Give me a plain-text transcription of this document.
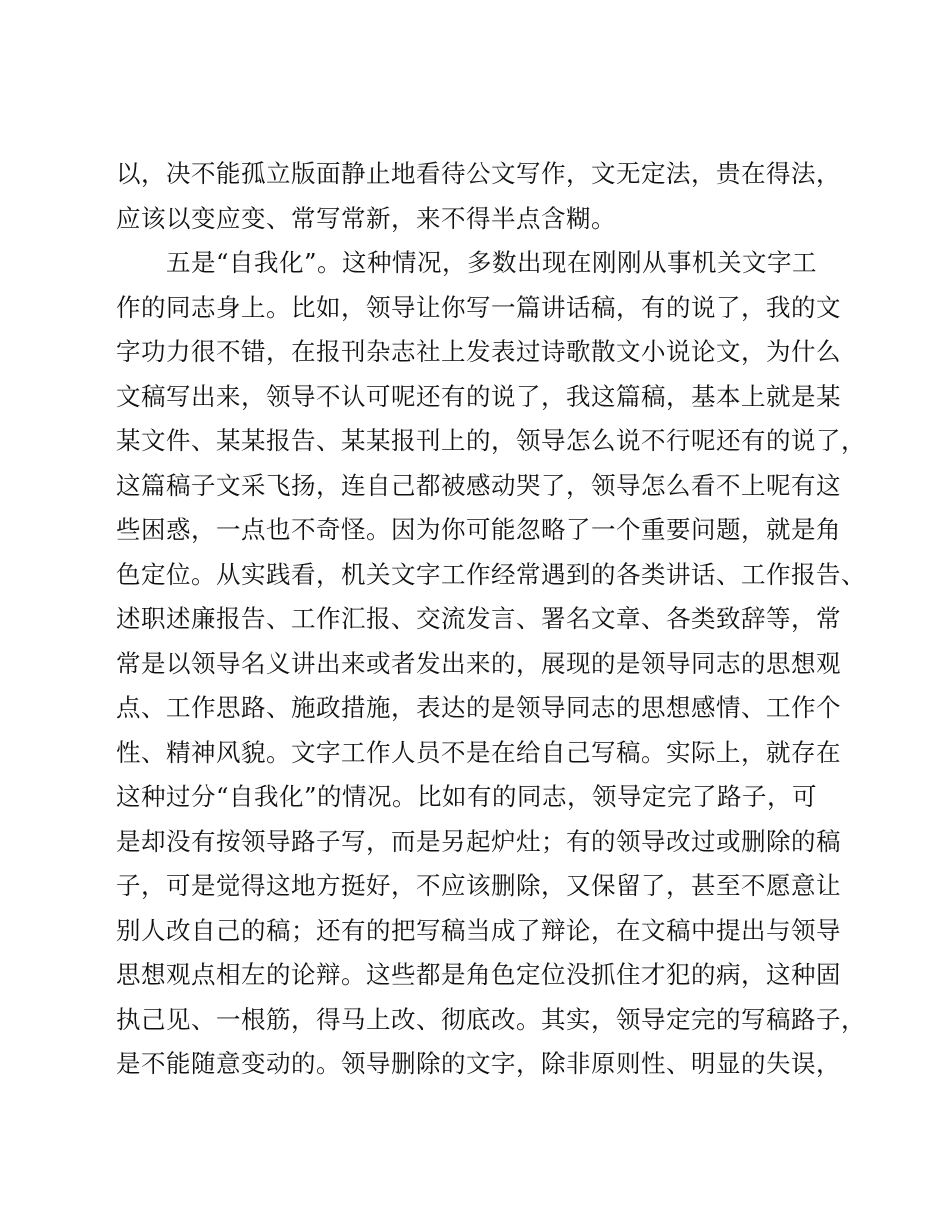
以，决不能孤立版面静止地看待公文写作，文无定法，贵在得法，
应该以变应变、常写常新，来不得半点含糊。
　　五是“自我化”。这种情况，多数出现在刚刚从事机关文字工
作的同志身上。比如，领导让你写一篇讲话稿，有的说了，我的文
字功力很不错，在报刊杂志社上发表过诗歌散文小说论文，为什么
文稿写出来，领导不认可呢还有的说了，我这篇稿，基本上就是某
某文件、某某报告、某某报刊上的，领导怎么说不行呢还有的说了，
这篇稿子文采飞扬，连自己都被感动哭了，领导怎么看不上呢有这
些困惑，一点也不奇怪。因为你可能忽略了一个重要问题，就是角
色定位。从实践看，机关文字工作经常遇到的各类讲话、工作报告、
述职述廉报告、工作汇报、交流发言、署名文章、各类致辞等，常
常是以领导名义讲出来或者发出来的，展现的是领导同志的思想观
点、工作思路、施政措施，表达的是领导同志的思想感情、工作个
性、精神风貌。文字工作人员不是在给自己写稿。实际上，就存在
这种过分“自我化”的情况。比如有的同志，领导定完了路子，可
是却没有按领导路子写，而是另起炉灶；有的领导改过或删除的稿
子，可是觉得这地方挺好，不应该删除，又保留了，甚至不愿意让
别人改自己的稿；还有的把写稿当成了辩论，在文稿中提出与领导
思想观点相左的论辩。这些都是角色定位没抓住才犯的病，这种固
执己见、一根筋，得马上改、彻底改。其实，领导定完的写稿路子，
是不能随意变动的。领导删除的文字，除非原则性、明显的失误，
